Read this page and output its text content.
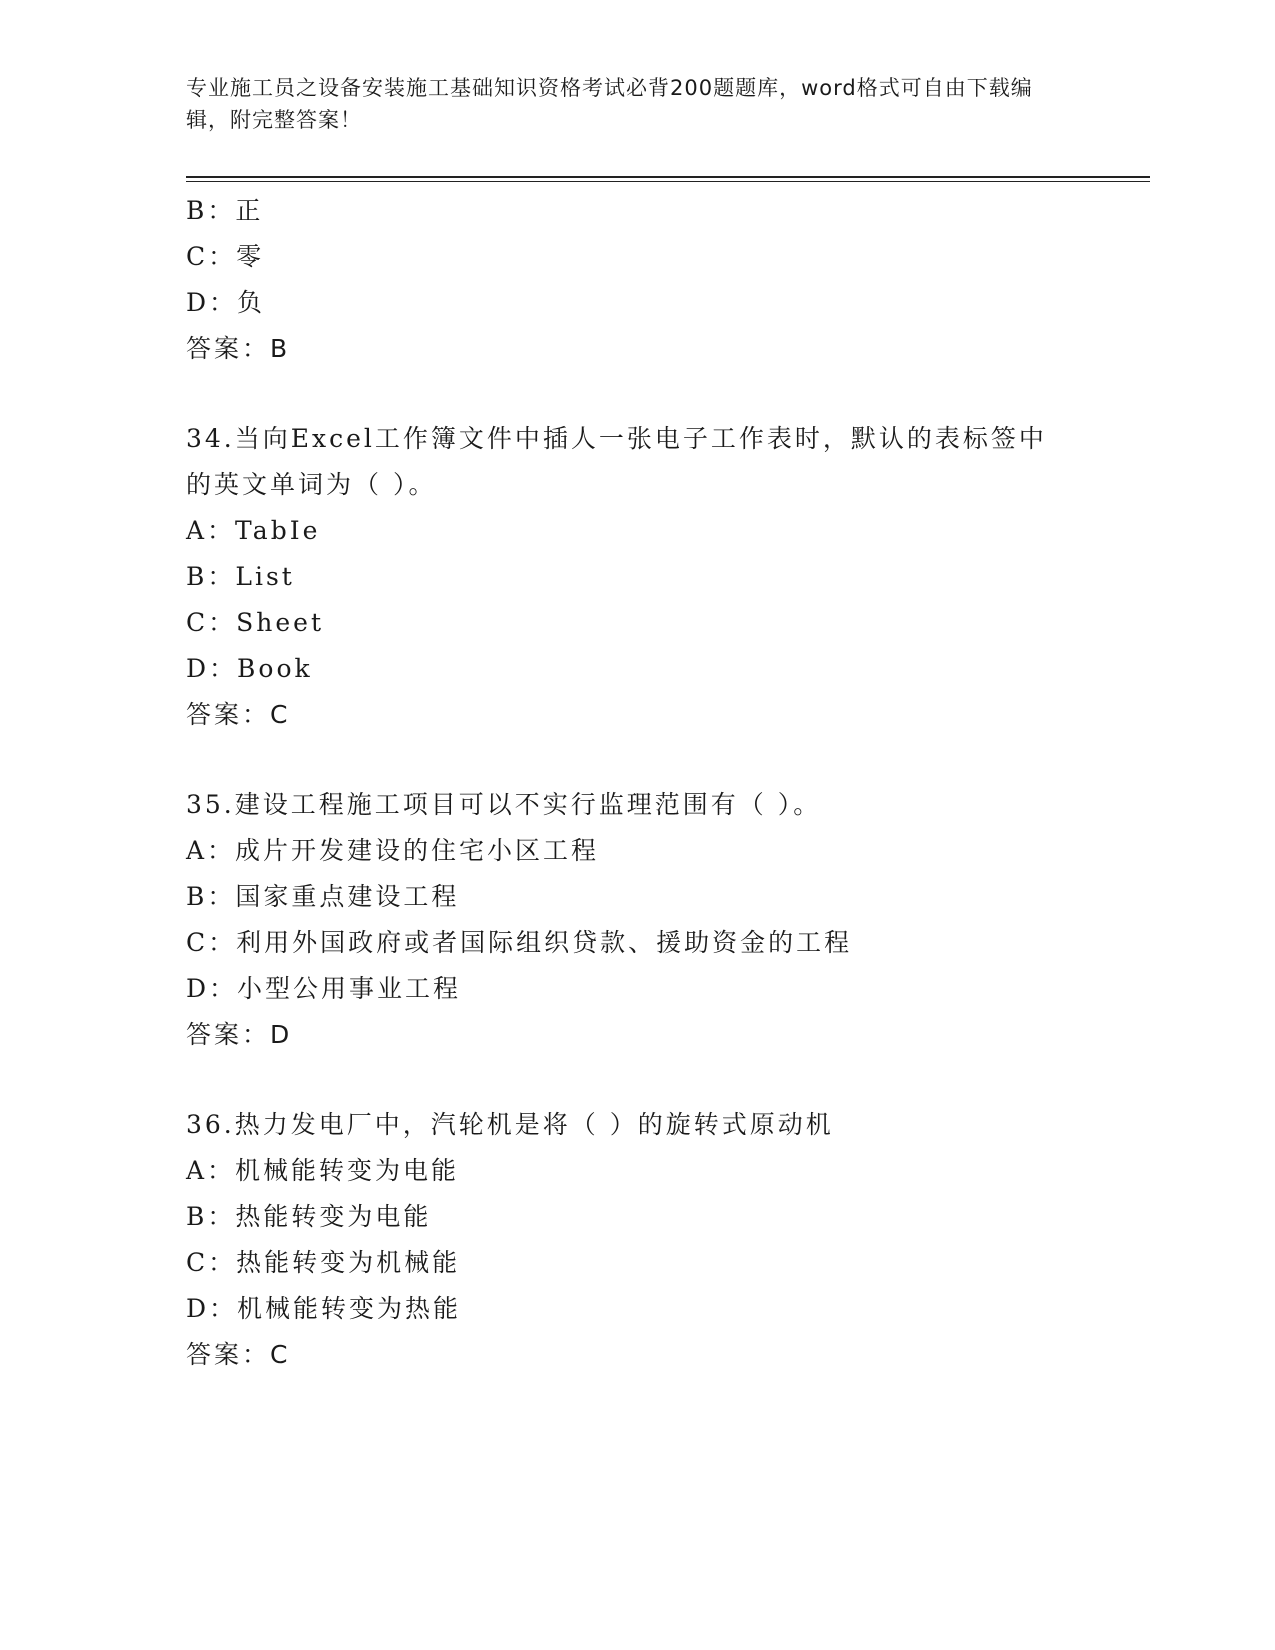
专业施工员之设备安装施工基础知识资格考试必背200题题库，word格式可自由下载编辑，附完整答案！
B：正
C：零
D：负
答案：B
34.当向Excel工作簿文件中插人一张电子工作表时，默认的表标签中的英文单词为（ ）。
A：TabIe
B：List
C：Sheet
D：Book
答案：C
35.建设工程施工项目可以不实行监理范围有（ ）。
A：成片开发建设的住宅小区工程
B：国家重点建设工程
C：利用外国政府或者国际组织贷款、援助资金的工程
D：小型公用事业工程
答案：D
36.热力发电厂中，汽轮机是将（ ）的旋转式原动机
A：机械能转变为电能
B：热能转变为电能
C：热能转变为机械能
D：机械能转变为热能
答案：C
